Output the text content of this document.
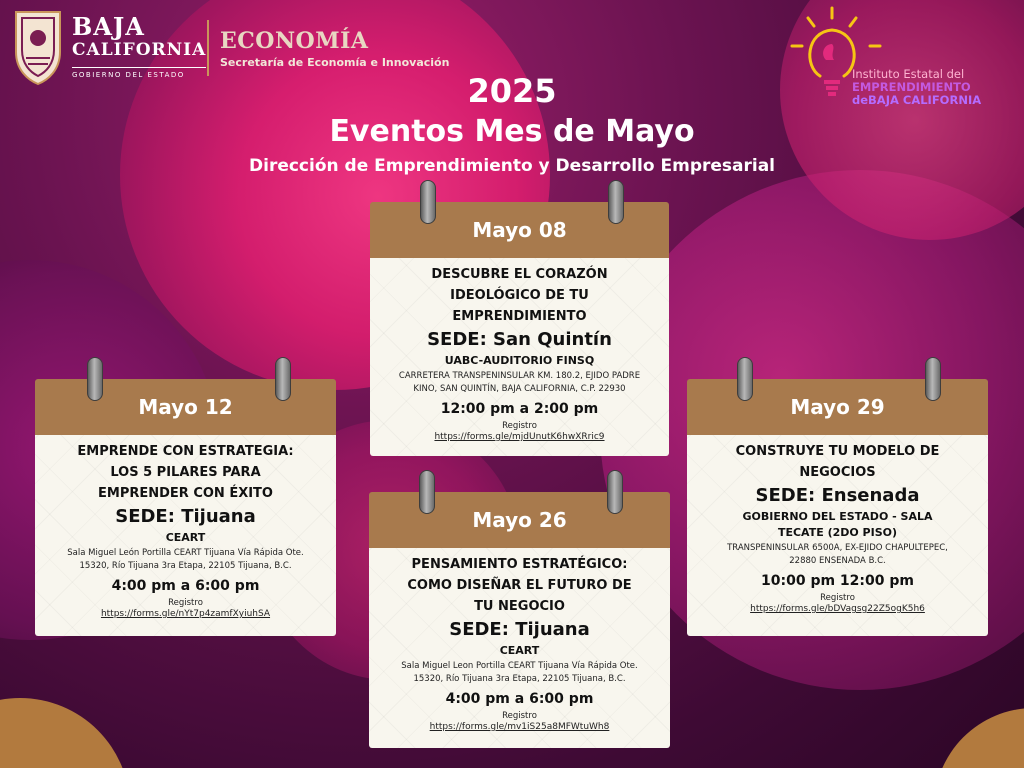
BAJA
CALIFORNIA
GOBIERNO DEL ESTADO
ECONOMÍA
Secretaría de Economía e Innovación
Instituto Estatal del
EMPRENDIMIENTO
deBAJA CALIFORNIA
2025
Eventos Mes de Mayo
Dirección de Emprendimiento y Desarrollo Empresarial
Mayo 08
DESCUBRE EL CORAZÓN IDEOLÓGICO DE TU EMPRENDIMIENTO
SEDE: San Quintín
UABC-AUDITORIO FINSQ
CARRETERA TRANSPENINSULAR KM. 180.2, EJIDO PADRE KINO, SAN QUINTÍN, BAJA CALIFORNIA, C.P. 22930
12:00 pm a 2:00 pm
Registro
https://forms.gle/mjdUnutK6hwXRric9
Mayo 12
EMPRENDE CON ESTRATEGIA: LOS 5 PILARES PARA EMPRENDER CON ÉXITO
SEDE: Tijuana
CEART
Sala Miguel León Portilla CEART Tijuana Vía Rápida Ote. 15320, Río Tijuana 3ra Etapa, 22105 Tijuana, B.C.
4:00 pm a 6:00 pm
Registro
https://forms.gle/nYt7p4zamfXyiuhSA
Mayo 26
PENSAMIENTO ESTRATÉGICO: COMO DISEÑAR EL FUTURO DE TU NEGOCIO
SEDE: Tijuana
CEART
Sala Miguel Leon Portilla CEART Tijuana Vía Rápida Ote. 15320, Río Tijuana 3ra Etapa, 22105 Tijuana, B.C.
4:00 pm a 6:00 pm
Registro
https://forms.gle/mv1iS25a8MFWtuWh8
Mayo 29
CONSTRUYE TU MODELO DE NEGOCIOS
SEDE: Ensenada
GOBIERNO DEL ESTADO - SALA TECATE (2DO PISO)
TRANSPENINSULAR 6500A, EX-EJIDO CHAPULTEPEC, 22880 ENSENADA B.C.
10:00 pm 12:00 pm
Registro
https://forms.gle/bDVagsg22Z5ogK5h6
